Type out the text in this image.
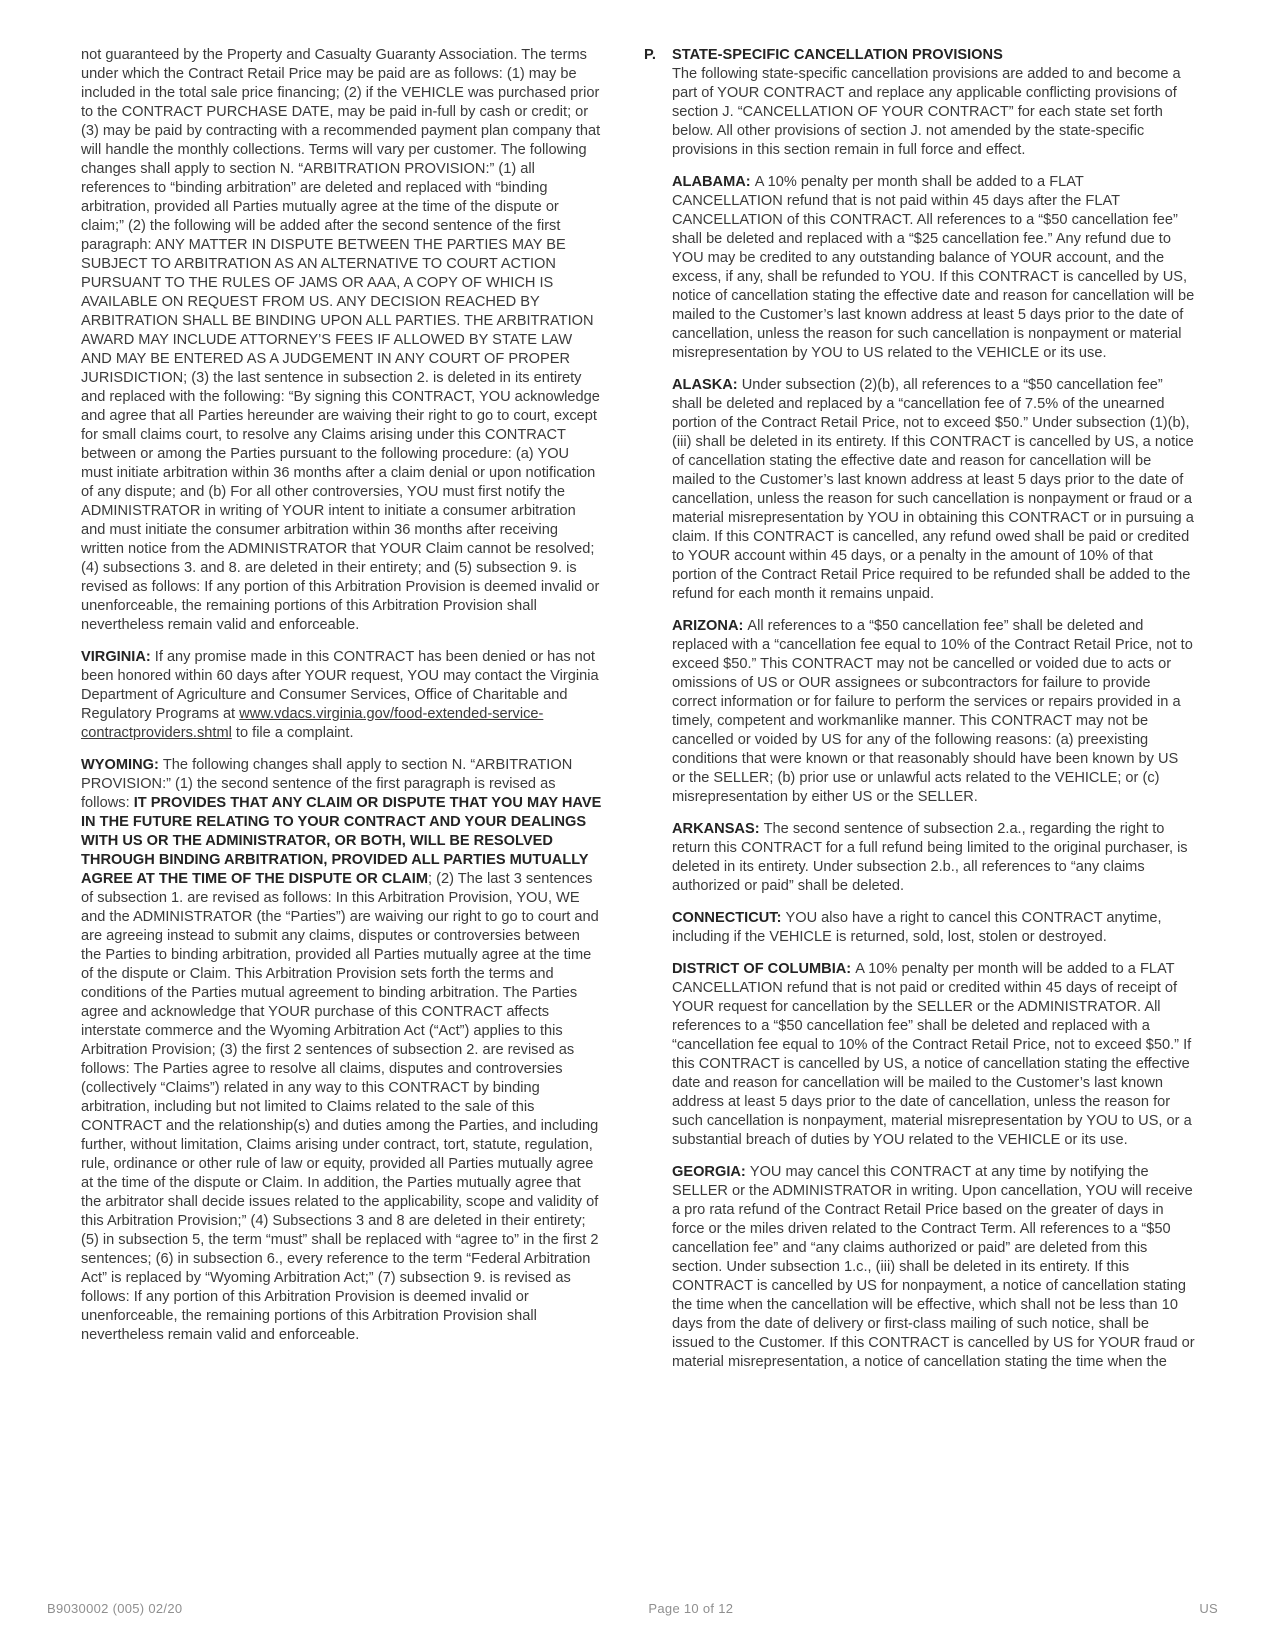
not guaranteed by the Property and Casualty Guaranty Association. The terms under which the Contract Retail Price may be paid are as follows: (1) may be included in the total sale price financing; (2) if the VEHICLE was purchased prior to the CONTRACT PURCHASE DATE, may be paid in-full by cash or credit; or (3) may be paid by contracting with a recommended payment plan company that will handle the monthly collections. Terms will vary per customer. The following changes shall apply to section N. “ARBITRATION PROVISION:” (1) all references to “binding arbitration” are deleted and replaced with “binding arbitration, provided all Parties mutually agree at the time of the dispute or claim;” (2) the following will be added after the second sentence of the first paragraph: ANY MATTER IN DISPUTE BETWEEN THE PARTIES MAY BE SUBJECT TO ARBITRATION AS AN ALTERNATIVE TO COURT ACTION PURSUANT TO THE RULES OF JAMS OR AAA, A COPY OF WHICH IS AVAILABLE ON REQUEST FROM US. ANY DECISION REACHED BY ARBITRATION SHALL BE BINDING UPON ALL PARTIES. THE ARBITRATION AWARD MAY INCLUDE ATTORNEY’S FEES IF ALLOWED BY STATE LAW AND MAY BE ENTERED AS A JUDGEMENT IN ANY COURT OF PROPER JURISDICTION; (3) the last sentence in subsection 2. is deleted in its entirety and replaced with the following: “By signing this CONTRACT, YOU acknowledge and agree that all Parties hereunder are waiving their right to go to court, except for small claims court, to resolve any Claims arising under this CONTRACT between or among the Parties pursuant to the following procedure: (a) YOU must initiate arbitration within 36 months after a claim denial or upon notification of any dispute; and (b) For all other controversies, YOU must first notify the ADMINISTRATOR in writing of YOUR intent to initiate a consumer arbitration and must initiate the consumer arbitration within 36 months after receiving written notice from the ADMINISTRATOR that YOUR Claim cannot be resolved; (4) subsections 3. and 8. are deleted in their entirety; and (5) subsection 9. is revised as follows: If any portion of this Arbitration Provision is deemed invalid or unenforceable, the remaining portions of this Arbitration Provision shall nevertheless remain valid and enforceable.

VIRGINIA: If any promise made in this CONTRACT has been denied or has not been honored within 60 days after YOUR request, YOU may contact the Virginia Department of Agriculture and Consumer Services, Office of Charitable and Regulatory Programs at www.vdacs.virginia.gov/food-extended-service-contractproviders.shtml to file a complaint.

WYOMING: The following changes shall apply to section N. “ARBITRATION PROVISION:” (1) the second sentence of the first paragraph is revised as follows: IT PROVIDES THAT ANY CLAIM OR DISPUTE THAT YOU MAY HAVE IN THE FUTURE RELATING TO YOUR CONTRACT AND YOUR DEALINGS WITH US OR THE ADMINISTRATOR, OR BOTH, WILL BE RESOLVED THROUGH BINDING ARBITRATION, PROVIDED ALL PARTIES MUTUALLY AGREE AT THE TIME OF THE DISPUTE OR CLAIM; (2) The last 3 sentences of subsection 1. are revised as follows: In this Arbitration Provision, YOU, WE and the ADMINISTRATOR (the “Parties”) are waiving our right to go to court and are agreeing instead to submit any claims, disputes or controversies between the Parties to binding arbitration, provided all Parties mutually agree at the time of the dispute or Claim. This Arbitration Provision sets forth the terms and conditions of the Parties mutual agreement to binding arbitration. The Parties agree and acknowledge that YOUR purchase of this CONTRACT affects interstate commerce and the Wyoming Arbitration Act (“Act”) applies to this Arbitration Provision; (3) the first 2 sentences of subsection 2. are revised as follows: The Parties agree to resolve all claims, disputes and controversies (collectively “Claims”) related in any way to this CONTRACT by binding arbitration, including but not limited to Claims related to the sale of this CONTRACT and the relationship(s) and duties among the Parties, and including further, without limitation, Claims arising under contract, tort, statute, regulation, rule, ordinance or other rule of law or equity, provided all Parties mutually agree at the time of the dispute or Claim. In addition, the Parties mutually agree that the arbitrator shall decide issues related to the applicability, scope and validity of this Arbitration Provision;” (4) Subsections 3 and 8 are deleted in their entirety; (5) in subsection 5, the term “must” shall be replaced with “agree to” in the first 2 sentences; (6) in subsection 6., every reference to the term “Federal Arbitration Act” is replaced by “Wyoming Arbitration Act;” (7) subsection 9. is revised as follows: If any portion of this Arbitration Provision is deemed invalid or unenforceable, the remaining portions of this Arbitration Provision shall nevertheless remain valid and enforceable.

P.	STATE-SPECIFIC CANCELLATION PROVISIONS

The following state-specific cancellation provisions are added to and become a part of YOUR CONTRACT and replace any applicable conflicting provisions of section J. “CANCELLATION OF YOUR CONTRACT” for each state set forth below. All other provisions of section J. not amended by the state-specific provisions in this section remain in full force and effect.

ALABAMA: A 10% penalty per month shall be added to a FLAT CANCELLATION refund that is not paid within 45 days after the FLAT CANCELLATION of this CONTRACT. All references to a “$50 cancellation fee” shall be deleted and replaced with a “$25 cancellation fee.” Any refund due to YOU may be credited to any outstanding balance of YOUR account, and the excess, if any, shall be refunded to YOU. If this CONTRACT is cancelled by US, notice of cancellation stating the effective date and reason for cancellation will be mailed to the Customer’s last known address at least 5 days prior to the date of cancellation, unless the reason for such cancellation is nonpayment or material misrepresentation by YOU to US related to the VEHICLE or its use.

ALASKA: Under subsection (2)(b), all references to a “$50 cancellation fee” shall be deleted and replaced by a “cancellation fee of 7.5% of the unearned portion of the Contract Retail Price, not to exceed $50.” Under subsection (1)(b), (iii) shall be deleted in its entirety. If this CONTRACT is cancelled by US, a notice of cancellation stating the effective date and reason for cancellation will be mailed to the Customer’s last known address at least 5 days prior to the date of cancellation, unless the reason for such cancellation is nonpayment or fraud or a material misrepresentation by YOU in obtaining this CONTRACT or in pursuing a claim. If this CONTRACT is cancelled, any refund owed shall be paid or credited to YOUR account within 45 days, or a penalty in the amount of 10% of that portion of the Contract Retail Price required to be refunded shall be added to the refund for each month it remains unpaid.

ARIZONA: All references to a “$50 cancellation fee” shall be deleted and replaced with a “cancellation fee equal to 10% of the Contract Retail Price, not to exceed $50.” This CONTRACT may not be cancelled or voided due to acts or omissions of US or OUR assignees or subcontractors for failure to provide correct information or for failure to perform the services or repairs provided in a timely, competent and workmanlike manner. This CONTRACT may not be cancelled or voided by US for any of the following reasons: (a) preexisting conditions that were known or that reasonably should have been known by US or the SELLER; (b) prior use or unlawful acts related to the VEHICLE; or (c) misrepresentation by either US or the SELLER.

ARKANSAS: The second sentence of subsection 2.a., regarding the right to return this CONTRACT for a full refund being limited to the original purchaser, is deleted in its entirety. Under subsection 2.b., all references to “any claims authorized or paid” shall be deleted.

CONNECTICUT: YOU also have a right to cancel this CONTRACT anytime, including if the VEHICLE is returned, sold, lost, stolen or destroyed.

DISTRICT OF COLUMBIA: A 10% penalty per month will be added to a FLAT CANCELLATION refund that is not paid or credited within 45 days of receipt of YOUR request for cancellation by the SELLER or the ADMINISTRATOR. All references to a “$50 cancellation fee” shall be deleted and replaced with a “cancellation fee equal to 10% of the Contract Retail Price, not to exceed $50.” If this CONTRACT is cancelled by US, a notice of cancellation stating the effective date and reason for cancellation will be mailed to the Customer’s last known address at least 5 days prior to the date of cancellation, unless the reason for such cancellation is nonpayment, material misrepresentation by YOU to US, or a substantial breach of duties by YOU related to the VEHICLE or its use.

GEORGIA: YOU may cancel this CONTRACT at any time by notifying the SELLER or the ADMINISTRATOR in writing. Upon cancellation, YOU will receive a pro rata refund of the Contract Retail Price based on the greater of days in force or the miles driven related to the Contract Term. All references to a “$50 cancellation fee” and “any claims authorized or paid” are deleted from this section. Under subsection 1.c., (iii) shall be deleted in its entirety. If this CONTRACT is cancelled by US for nonpayment, a notice of cancellation stating the time when the cancellation will be effective, which shall not be less than 10 days from the date of delivery or first-class mailing of such notice, shall be issued to the Customer. If this CONTRACT is cancelled by US for YOUR fraud or material misrepresentation, a notice of cancellation stating the time when the

B9030002 (005) 02/20	Page 10 of 12	US
